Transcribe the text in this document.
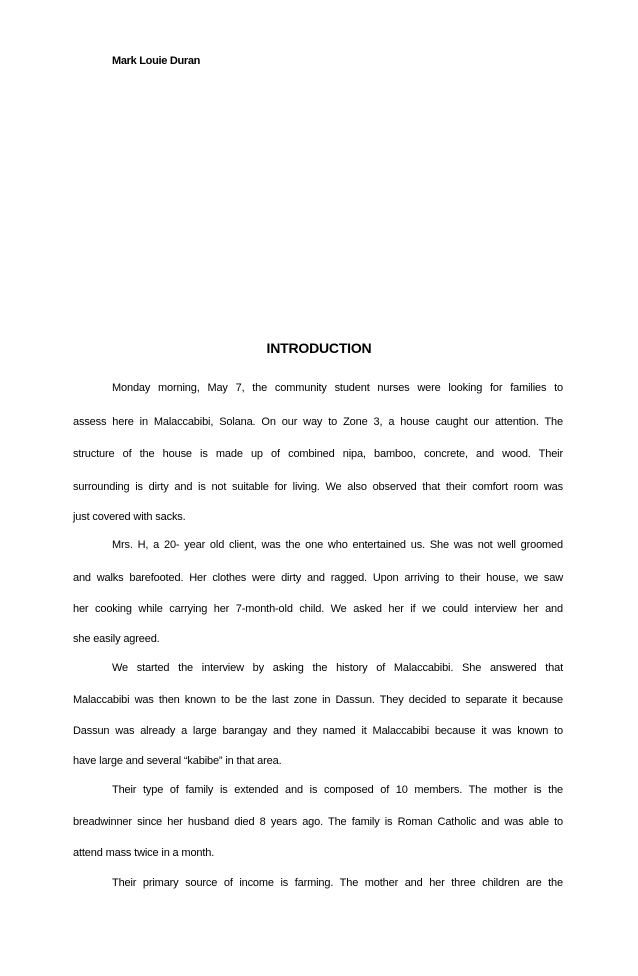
Mark Louie Duran
INTRODUCTION
Monday morning, May 7, the community student nurses were looking for families to
assess here in Malaccabibi, Solana. On our way to Zone 3, a house caught our attention. The
structure of the house is made up of combined nipa, bamboo, concrete, and wood. Their
surrounding is dirty and is not suitable for living. We also observed that their comfort room was
just covered with sacks.
Mrs. H, a 20- year old client, was the one who entertained us. She was not well groomed
and walks barefooted. Her clothes were dirty and ragged. Upon arriving to their house, we saw
her cooking while carrying her 7-month-old child. We asked her if we could interview her and
she easily agreed.
We started the interview by asking the history of Malaccabibi. She answered that
Malaccabibi was then known to be the last zone in Dassun. They decided to separate it because
Dassun was already a large barangay and they named it Malaccabibi because it was known to
have large and several “kabibe” in that area.
Their type of family is extended and is composed of 10 members. The mother is the
breadwinner since her husband died 8 years ago. The family is Roman Catholic and was able to
attend mass twice in a month.
Their primary source of income is farming. The mother and her three children are the
